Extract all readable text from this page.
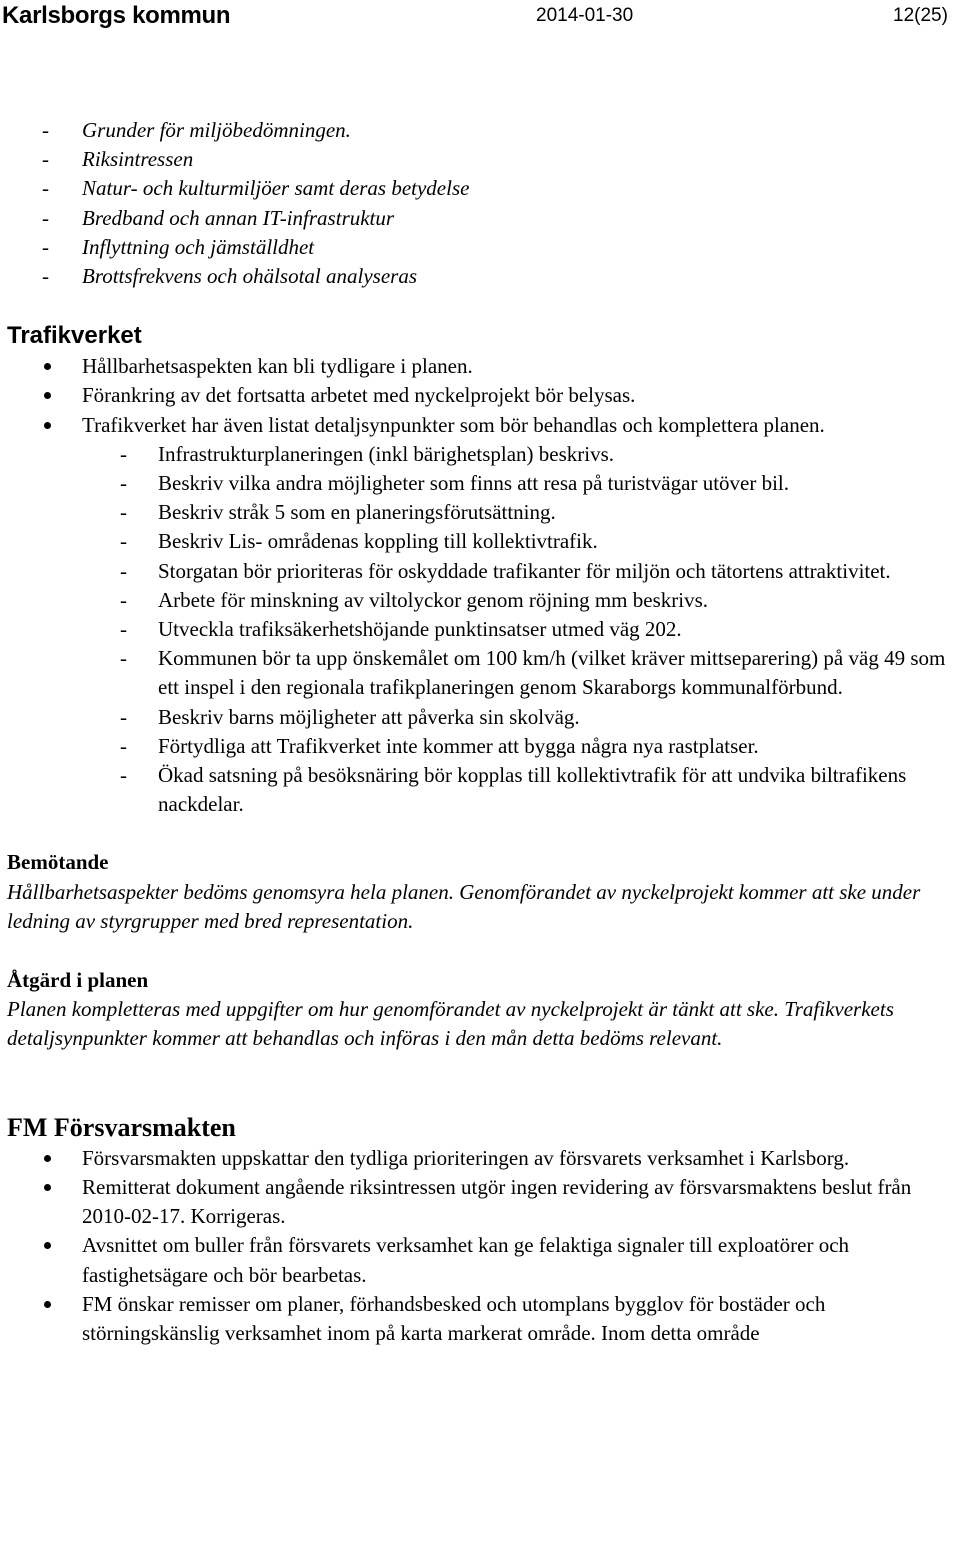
Karlsborgs kommun	2014-01-30	12(25)
- Grunder för miljöbedömningen.
- Riksintressen
- Natur- och kulturmiljöer samt deras betydelse
- Bredband och annan IT-infrastruktur
- Inflyttning och jämställdhet
- Brottsfrekvens och ohälsotal analyseras
Trafikverket
Hållbarhetsaspekten kan bli tydligare i planen.
Förankring av det fortsatta arbetet med nyckelprojekt bör belysas.
Trafikverket har även listat detaljsynpunkter som bör behandlas och komplettera planen.
- Infrastrukturplaneringen (inkl bärighetsplan) beskrivs.
- Beskriv vilka andra möjligheter som finns att resa på turistvägar utöver bil.
- Beskriv stråk 5 som en planeringsförutsättning.
- Beskriv Lis- områdenas koppling till kollektivtrafik.
- Storgatan bör prioriteras för oskyddade trafikanter för miljön och tätortens attraktivitet.
- Arbete för minskning av viltolyckor genom röjning mm beskrivs.
- Utveckla trafiksäkerhetshöjande punktinsatser utmed väg 202.
- Kommunen bör ta upp önskemålet om 100 km/h (vilket kräver mittseparering) på väg 49 som ett inspel i den regionala trafikplaneringen genom Skaraborgs kommunalförbund.
- Beskriv barns möjligheter att påverka sin skolväg.
- Förtydliga att Trafikverket inte kommer att bygga några nya rastplatser.
- Ökad satsning på besöksnäring bör kopplas till kollektivtrafik för att undvika biltrafikens nackdelar.
Bemötande
Hållbarhetsaspekter bedöms genomsyra hela planen. Genomförandet av nyckelprojekt kommer att ske under ledning av styrgrupper med bred representation.
Åtgärd i planen
Planen kompletteras med uppgifter om hur genomförandet av nyckelprojekt är tänkt att ske. Trafikverkets detaljsynpunkter kommer att behandlas och införas i den mån detta bedöms relevant.
FM Försvarsmakten
Försvarsmakten uppskattar den tydliga prioriteringen av försvarets verksamhet i Karlsborg.
Remitterat dokument angående riksintressen utgör ingen revidering av försvarsmaktens beslut från 2010-02-17. Korrigeras.
Avsnittet om buller från försvarets verksamhet kan ge felaktiga signaler till exploatörer och fastighetsägare och bör bearbetas.
FM önskar remisser om planer, förhandsbesked och utomplans bygglov för bostäder och störningskänslig verksamhet inom på karta markerat område. Inom detta område
